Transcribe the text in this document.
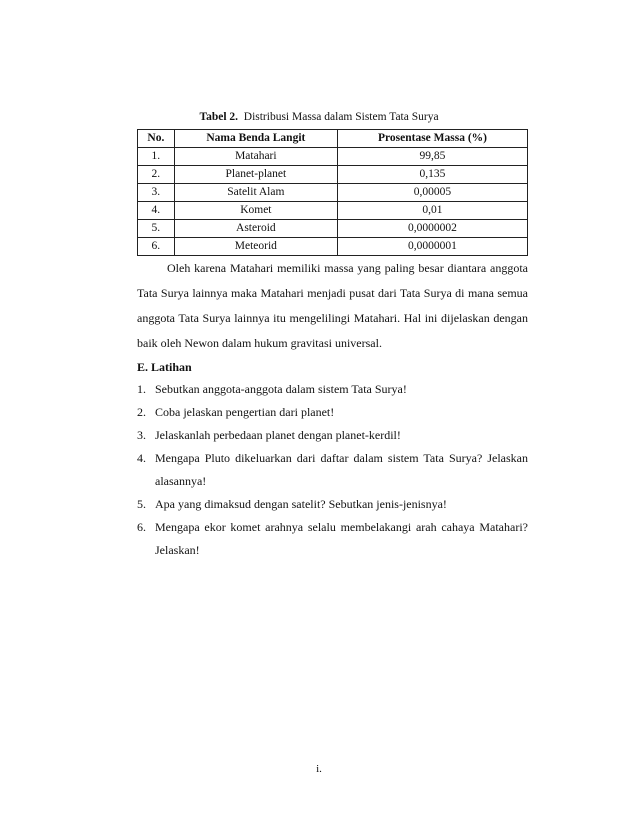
Tabel 2. Distribusi Massa dalam Sistem Tata Surya
No.	Nama Benda Langit	Prosentase Massa (%)
1.	Matahari	99,85
2.	Planet-planet	0,135
3.	Satelit Alam	0,00005
4.	Komet	0,01
5.	Asteroid	0,0000002
6.	Meteorid	0,0000001

Oleh karena Matahari memiliki massa yang paling besar diantara anggota Tata Surya lainnya maka Matahari menjadi pusat dari Tata Surya di mana semua anggota Tata Surya lainnya itu mengelilingi Matahari. Hal ini dijelaskan dengan baik oleh Newon dalam hukum gravitasi universal.

E. Latihan

1. Sebutkan anggota-anggota dalam sistem Tata Surya!
2. Coba jelaskan pengertian dari planet!
3. Jelaskanlah perbedaan planet dengan planet-kerdil!
4. Mengapa Pluto dikeluarkan dari daftar dalam sistem Tata Surya? Jelaskan alasannya!
5. Apa yang dimaksud dengan satelit? Sebutkan jenis-jenisnya!
6. Mengapa ekor komet arahnya selalu membelakangi arah cahaya Matahari? Jelaskan!
i.
